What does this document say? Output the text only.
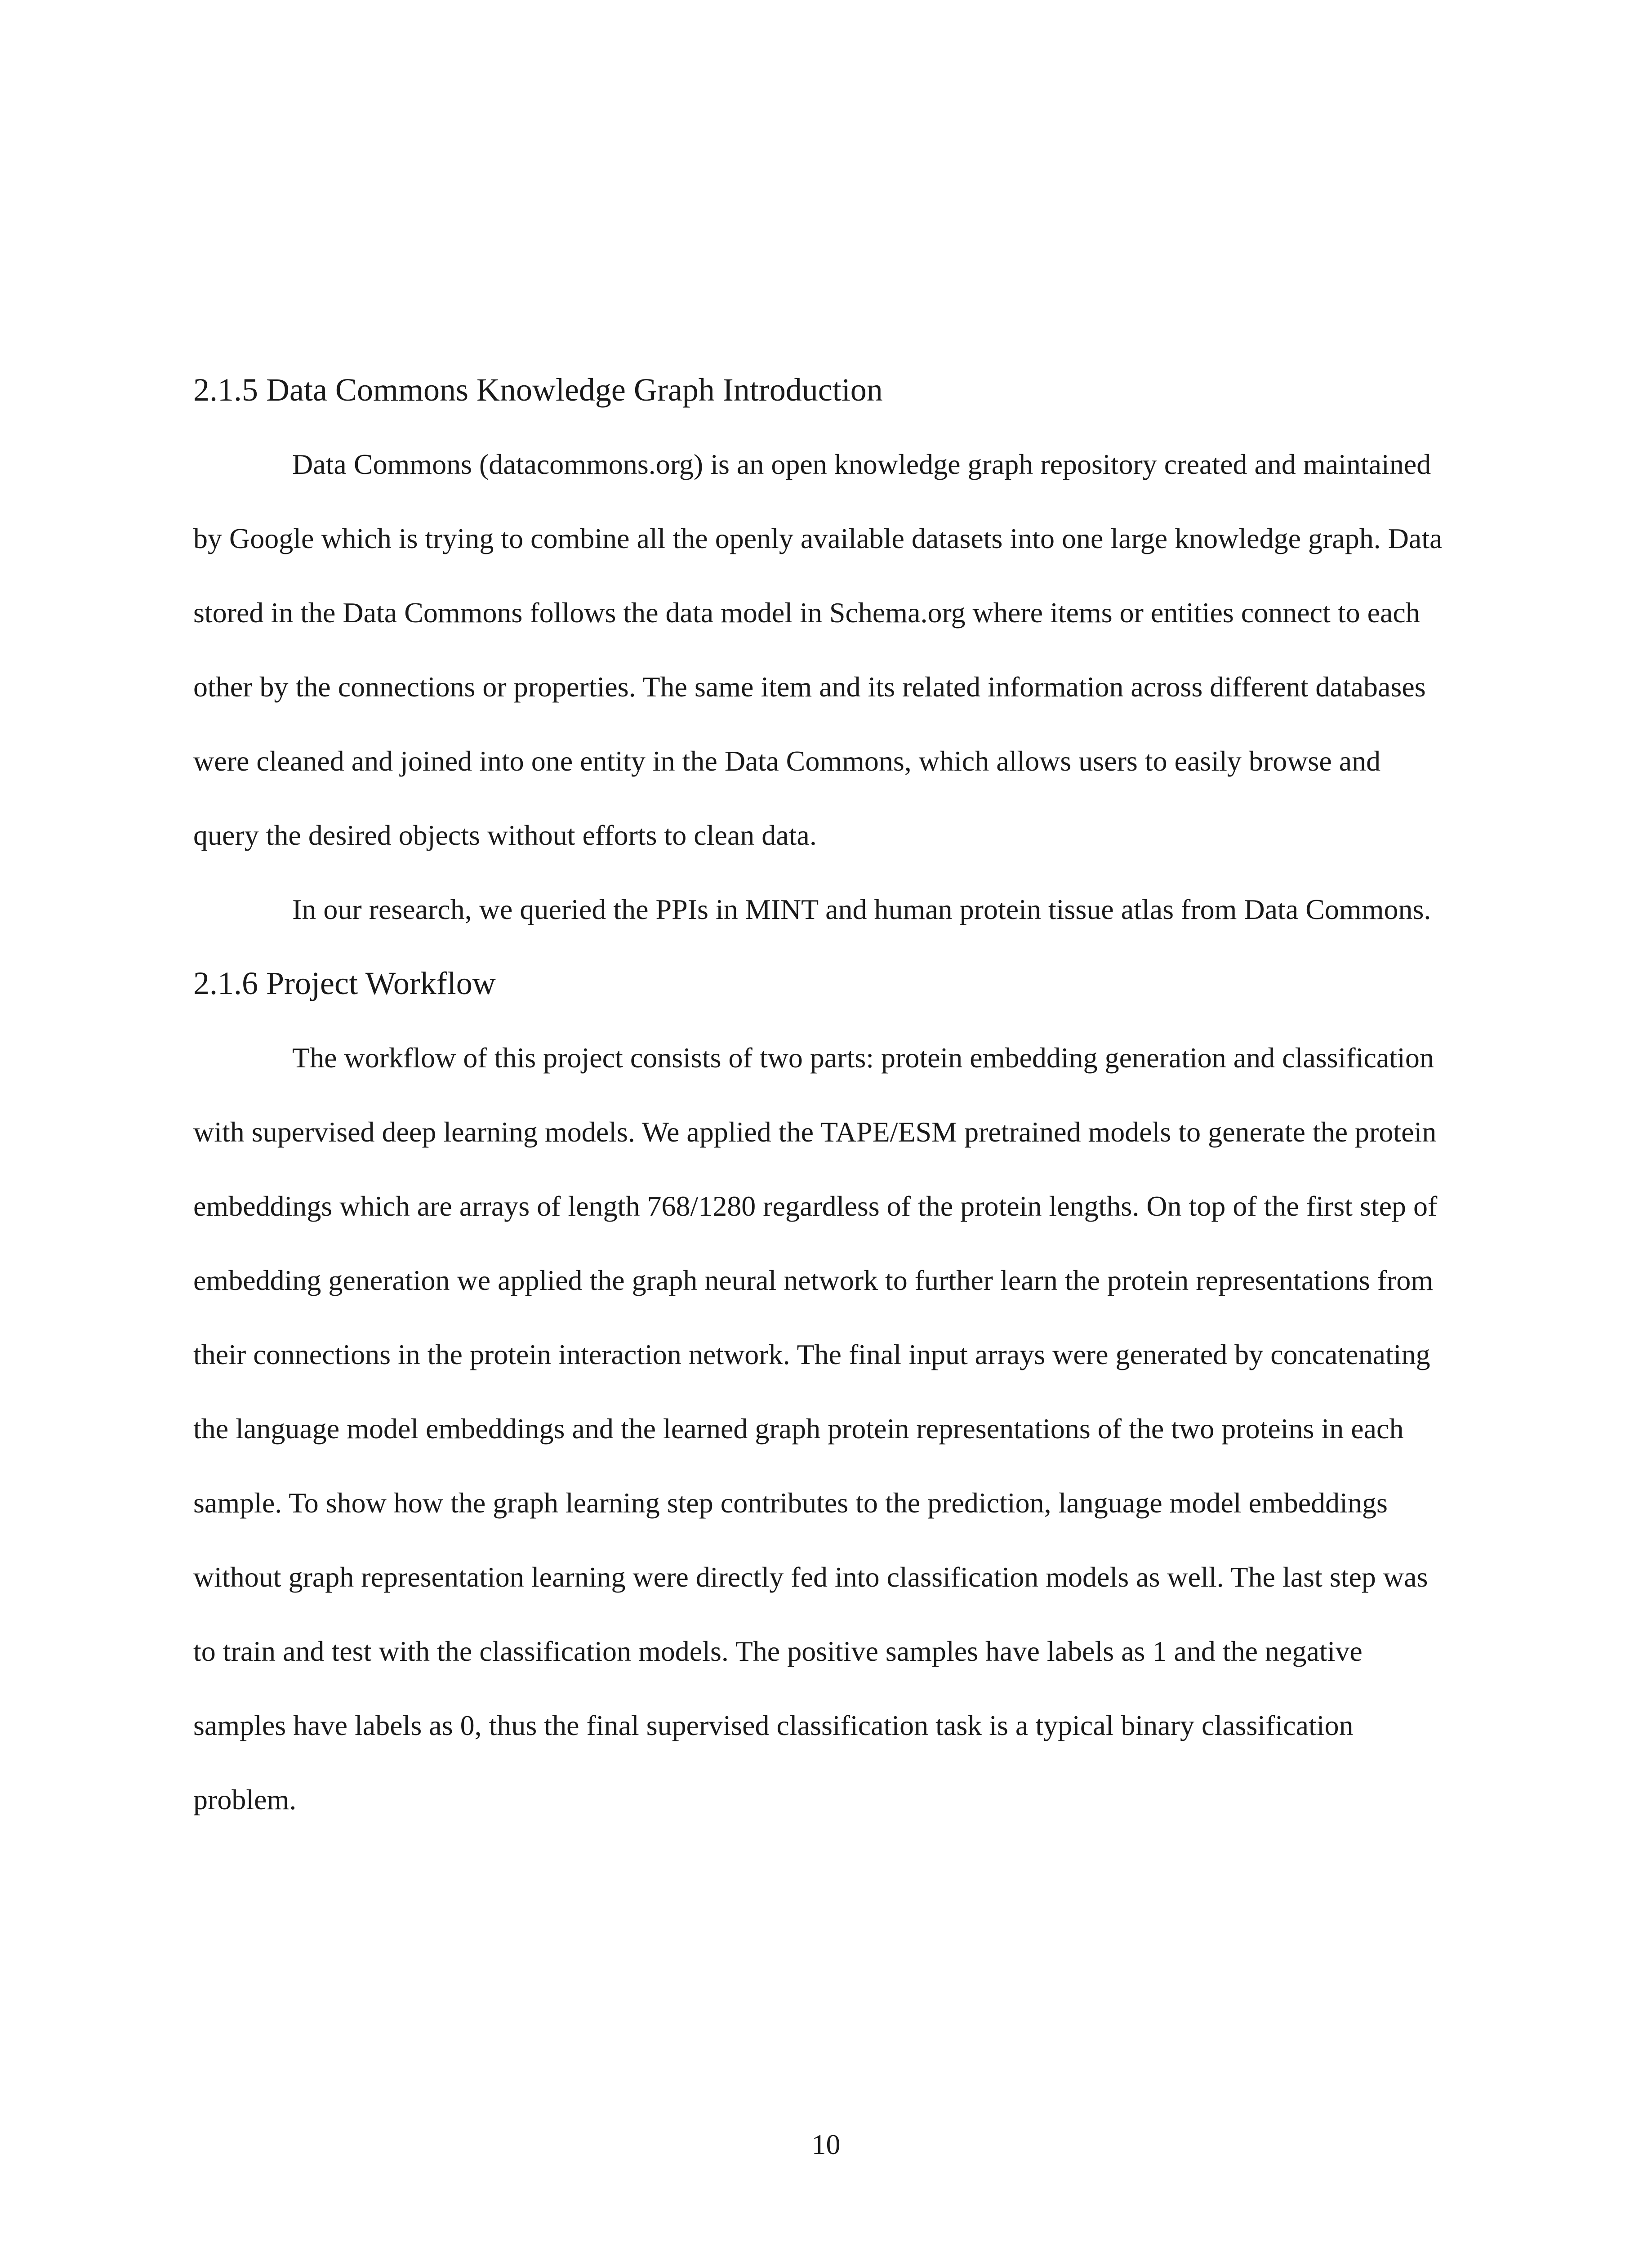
2.1.5 Data Commons Knowledge Graph Introduction

Data Commons (datacommons.org) is an open knowledge graph repository created and maintained by Google which is trying to combine all the openly available datasets into one large knowledge graph. Data stored in the Data Commons follows the data model in Schema.org where items or entities connect to each other by the connections or properties. The same item and its related information across different databases were cleaned and joined into one entity in the Data Commons, which allows users to easily browse and query the desired objects without efforts to clean data.

In our research, we queried the PPIs in MINT and human protein tissue atlas from Data Commons.

2.1.6 Project Workflow

The workflow of this project consists of two parts: protein embedding generation and classification with supervised deep learning models. We applied the TAPE/ESM pretrained models to generate the protein embeddings which are arrays of length 768/1280 regardless of the protein lengths. On top of the first step of embedding generation we applied the graph neural network to further learn the protein representations from their connections in the protein interaction network. The final input arrays were generated by concatenating the language model embeddings and the learned graph protein representations of the two proteins in each sample. To show how the graph learning step contributes to the prediction, language model embeddings without graph representation learning were directly fed into classification models as well. The last step was to train and test with the classification models. The positive samples have labels as 1 and the negative samples have labels as 0, thus the final supervised classification task is a typical binary classification problem.

10
